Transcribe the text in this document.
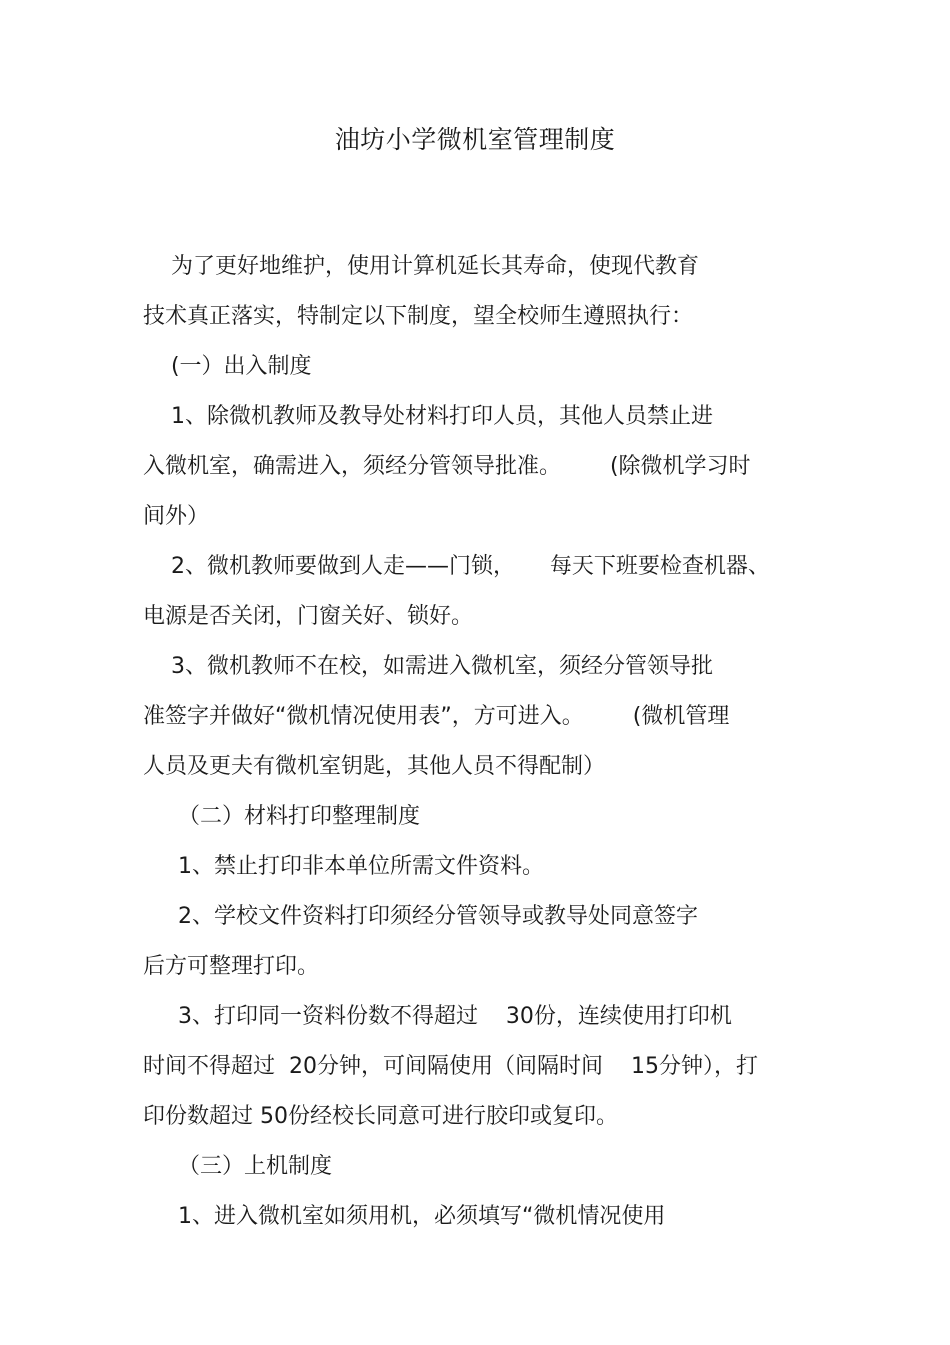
油坊小学微机室管理制度
为了更好地维护，使用计算机延长其寿命，使现代教育
技术真正落实，特制定以下制度，望全校师生遵照执行：
(一）出入制度
1、除微机教师及教导处材料打印人员，其他人员禁止进
入微机室，确需进入，须经分管领导批准。       (除微机学习时
间外）
2、微机教师要做到人走——门锁，     每天下班要检查机器、
电源是否关闭，门窗关好、锁好。
3、微机教师不在校，如需进入微机室，须经分管领导批
准签字并做好“微机情况使用表”，方可进入。       (微机管理
人员及更夫有微机室钥匙，其他人员不得配制）
（二）材料打印整理制度
1、禁止打印非本单位所需文件资料。
2、学校文件资料打印须经分管领导或教导处同意签字
后方可整理打印。
3、打印同一资料份数不得超过    30份，连续使用打印机
时间不得超过  20分钟，可间隔使用（间隔时间    15分钟），打
印份数超过 50份经校长同意可进行胶印或复印。
（三）上机制度
1、进入微机室如须用机，必须填写“微机情况使用
